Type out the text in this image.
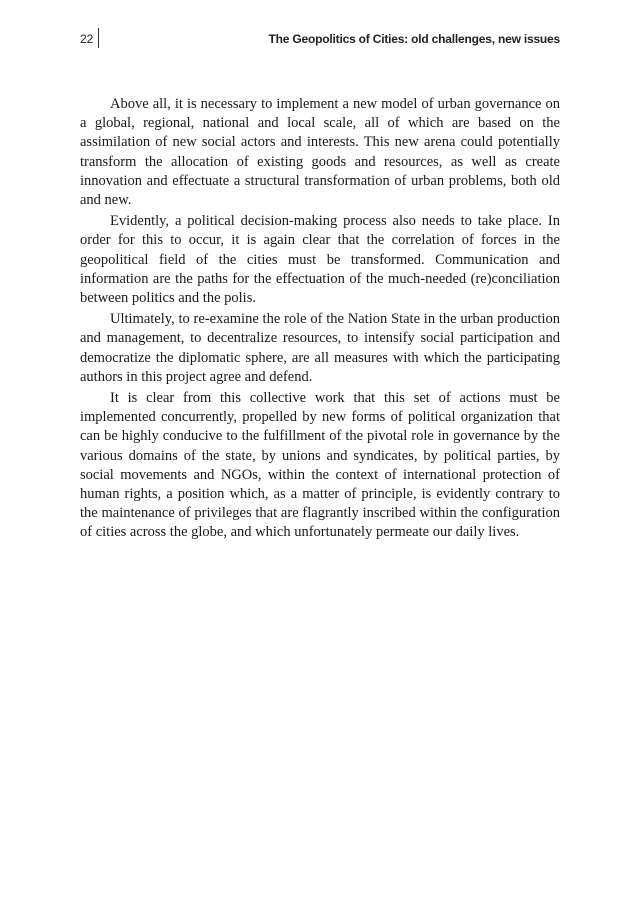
22	The Geopolitics of Cities: old challenges, new issues

Above all, it is necessary to implement a new model of urban governance on a global, regional, national and local scale, all of which are based on the assimilation of new social actors and interests. This new arena could potentially transform the allocation of existing goods and resources, as well as create innovation and effectuate a structural transformation of urban problems, both old and new.

Evidently, a political decision-making process also needs to take place. In order for this to occur, it is again clear that the correlation of forces in the geopolitical field of the cities must be transformed. Communication and information are the paths for the effectuation of the much-needed (re)conciliation between politics and the polis.

Ultimately, to re-examine the role of the Nation State in the urban production and management, to decentralize resources, to intensify social participation and democratize the diplomatic sphere, are all measures with which the participating authors in this project agree and defend.

It is clear from this collective work that this set of actions must be implemented concurrently, propelled by new forms of political organization that can be highly conducive to the fulfillment of the pivotal role in governance by the various domains of the state, by unions and syndicates, by political parties, by social movements and NGOs, within the context of international protection of human rights, a position which, as a matter of principle, is evidently contrary to the maintenance of privileges that are flagrantly inscribed within the configuration of cities across the globe, and which unfortunately permeate our daily lives.
